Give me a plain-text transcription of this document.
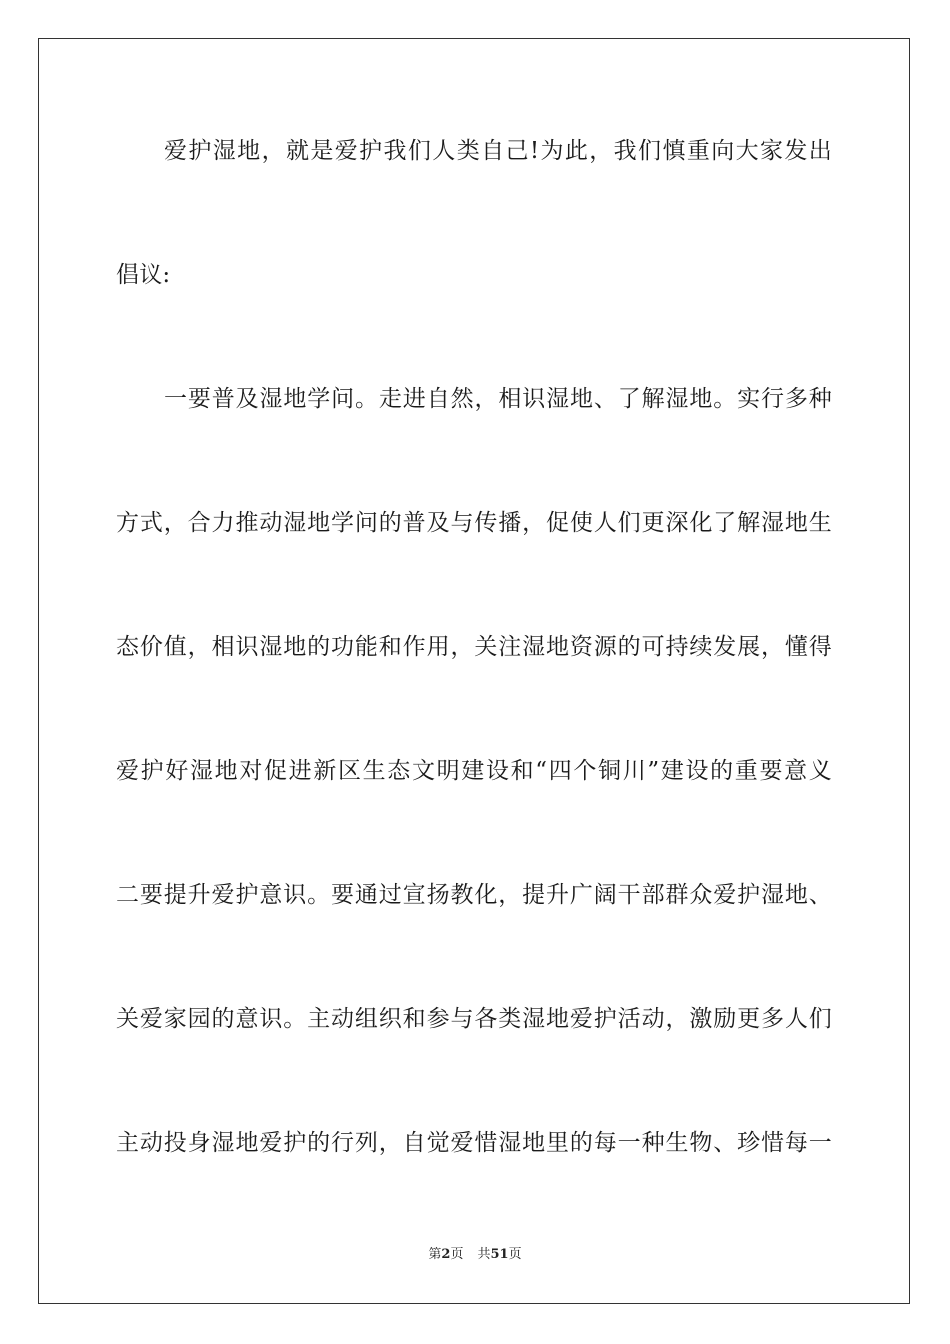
爱护湿地，就是爱护我们人类自己!为此，我们慎重向大家发出
倡议:
一要普及湿地学问。走进自然，相识湿地、了解湿地。实行多种
方式，合力推动湿地学问的普及与传播，促使人们更深化了解湿地生
态价值，相识湿地的功能和作用，关注湿地资源的可持续发展，懂得
爱护好湿地对促进新区生态文明建设和“四个铜川”建设的重要意义
二要提升爱护意识。要通过宣扬教化，提升广阔干部群众爱护湿地、
关爱家园的意识。主动组织和参与各类湿地爱护活动，激励更多人们
主动投身湿地爱护的行列，自觉爱惜湿地里的每一种生物、珍惜每一
第2页 共51页
